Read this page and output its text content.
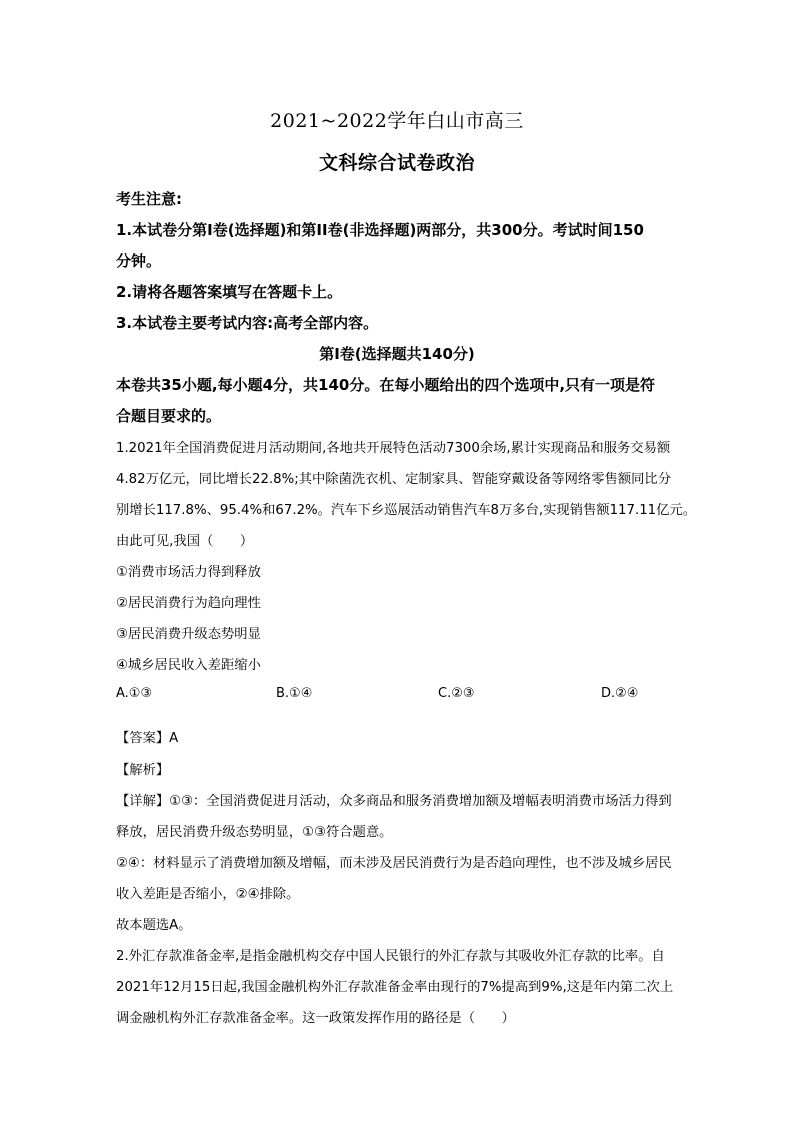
2021~2022学年白山市高三
文科综合试卷政治
考生注意:
1.本试卷分第Ⅰ卷(选择题)和第II卷(非选择题)两部分，共300分。考试时间150
分钟。
2.请将各题答案填写在答题卡上。
3.本试卷主要考试内容:高考全部内容。
第Ⅰ卷(选择题共140分)
本卷共35小题,每小题4分，共140分。在每小题给出的四个选项中,只有一项是符
合题目要求的。
1.2021年全国消费促进月活动期间,各地共开展特色活动7300余场,累计实现商品和服务交易额
4.82万亿元，同比增长22.8%;其中除菌洗衣机、定制家具、智能穿戴设备等网络零售额同比分
别增长117.8%、95.4%和67.2%。汽车下乡巡展活动销售汽车8万多台,实现销售额117.11亿元。
由此可见,我国（　　）
①消费市场活力得到释放
②居民消费行为趋向理性
③居民消费升级态势明显
④城乡居民收入差距缩小
A.①③	B.①④	C.②③	D.②④
【答案】A
【解析】
【详解】①③：全国消费促进月活动，众多商品和服务消费增加额及增幅表明消费市场活力得到
释放，居民消费升级态势明显，①③符合题意。
②④：材料显示了消费增加额及增幅，而未涉及居民消费行为是否趋向理性，也不涉及城乡居民
收入差距是否缩小，②④排除。
故本题选A。
2.外汇存款准备金率,是指金融机构交存中国人民银行的外汇存款与其吸收外汇存款的比率。自
2021年12月15日起,我国金融机构外汇存款准备金率由现行的7%提高到9%,这是年内第二次上
调金融机构外汇存款准备金率。这一政策发挥作用的路径是（　　）
